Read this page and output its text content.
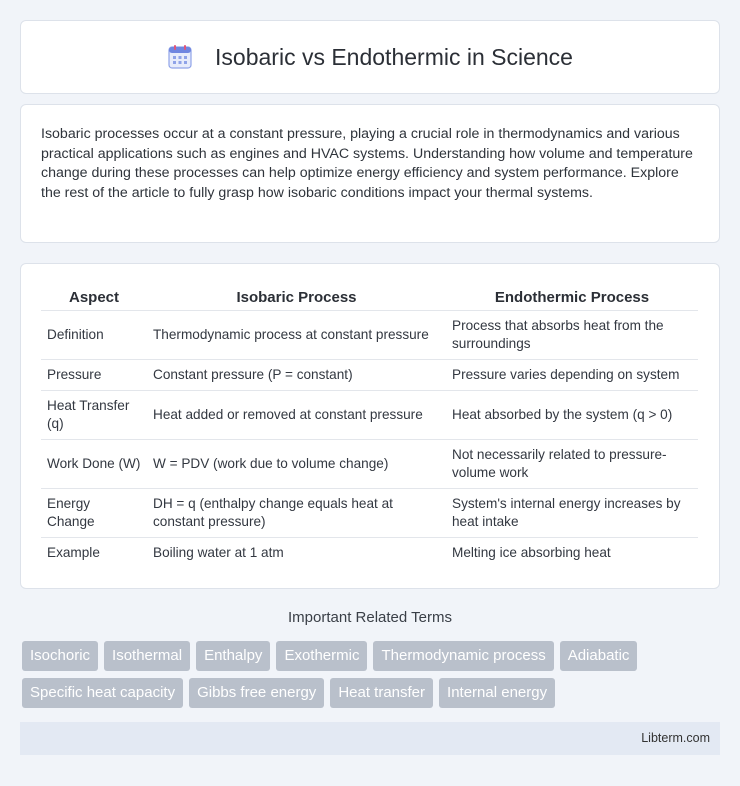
Isobaric vs Endothermic in Science

Isobaric processes occur at a constant pressure, playing a crucial role in thermodynamics and various practical applications such as engines and HVAC systems. Understanding how volume and temperature change during these processes can help optimize energy efficiency and system performance. Explore the rest of the article to fully grasp how isobaric conditions impact your thermal systems.

Aspect	Isobaric Process	Endothermic Process
Definition	Thermodynamic process at constant pressure	Process that absorbs heat from the surroundings
Pressure	Constant pressure (P = constant)	Pressure varies depending on system
Heat Transfer (q)	Heat added or removed at constant pressure	Heat absorbed by the system (q > 0)
Work Done (W)	W = PDV (work due to volume change)	Not necessarily related to pressure-volume work
Energy Change	DH = q (enthalpy change equals heat at constant pressure)	System's internal energy increases by heat intake
Example	Boiling water at 1 atm	Melting ice absorbing heat
Important Related Terms
Isochoric	Isothermal	Enthalpy	Exothermic	Thermodynamic process	Adiabatic
Specific heat capacity	Gibbs free energy	Heat transfer	Internal energy
Libterm.com
